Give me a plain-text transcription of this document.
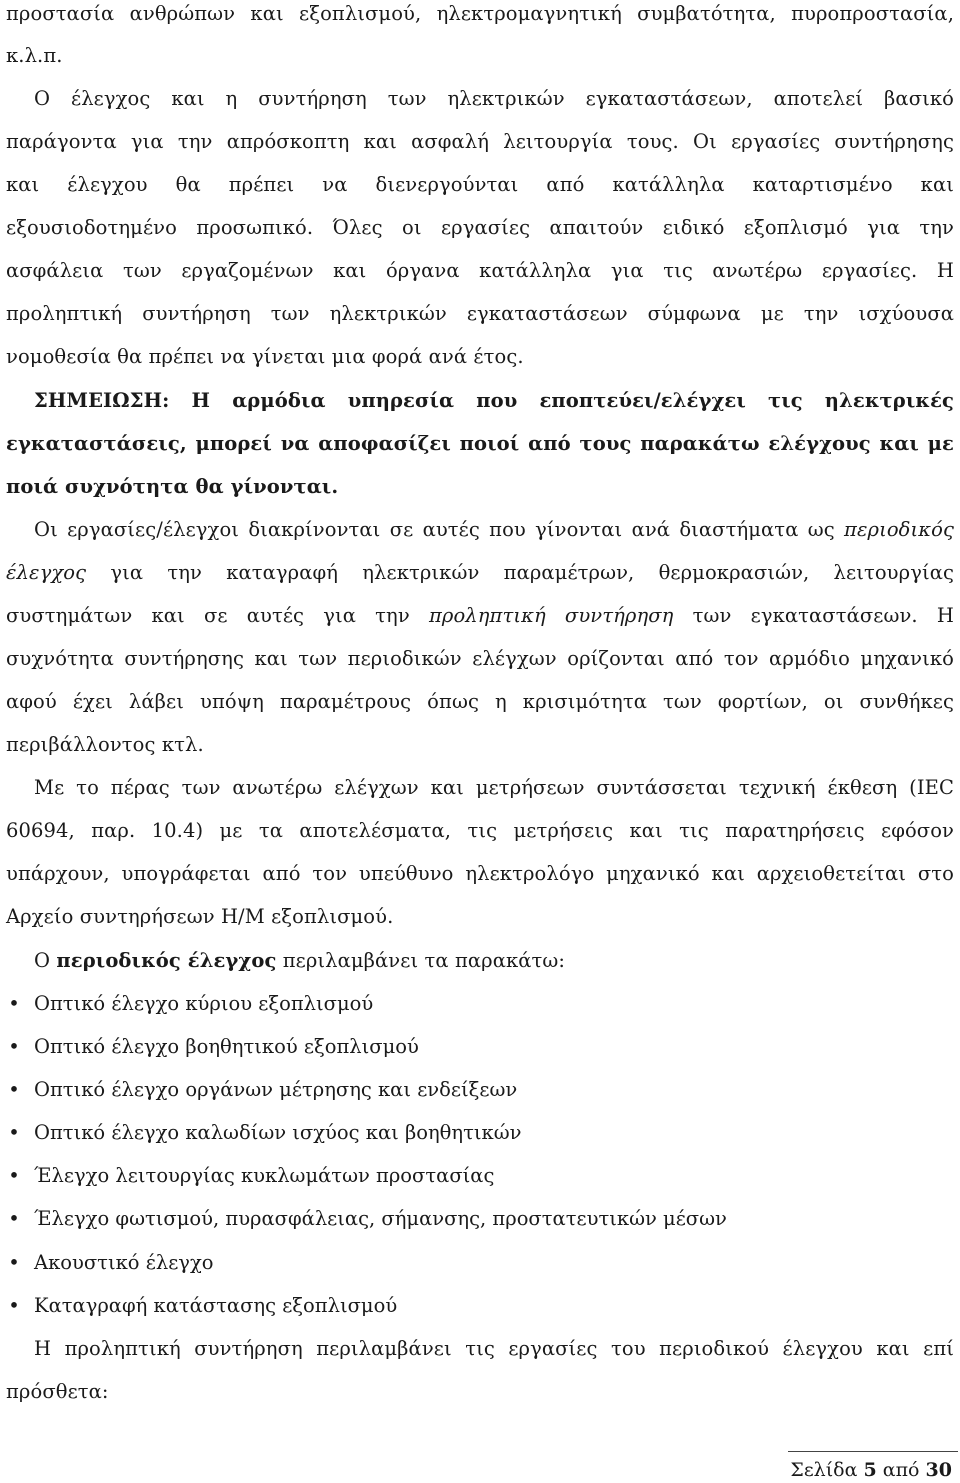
προστασία ανθρώπων και εξοπλισμού, ηλεκτρομαγνητική συμβατότητα, πυροπροστασία,
κ.λ.π.
Ο έλεγχος και η συντήρηση των ηλεκτρικών εγκαταστάσεων, αποτελεί βασικό
παράγοντα για την απρόσκοπτη και ασφαλή λειτουργία τους. Οι εργασίες συντήρησης
και έλεγχου θα πρέπει να διενεργούνται από κατάλληλα καταρτισμένο και
εξουσιοδοτημένο προσωπικό. Όλες οι εργασίες απαιτούν ειδικό εξοπλισμό για την
ασφάλεια των εργαζομένων και όργανα κατάλληλα για τις ανωτέρω εργασίες. Η
προληπτική συντήρηση των ηλεκτρικών εγκαταστάσεων σύμφωνα με την ισχύουσα
νομοθεσία θα πρέπει να γίνεται μια φορά ανά έτος.
ΣΗΜΕΙΩΣΗ: Η αρμόδια υπηρεσία που εποπτεύει/ελέγχει τις ηλεκτρικές
εγκαταστάσεις, μπορεί να αποφασίζει ποιοί από τους παρακάτω ελέγχους και με
ποιά συχνότητα θα γίνονται.
Οι εργασίες/έλεγχοι διακρίνονται σε αυτές που γίνονται ανά διαστήματα ως περιοδικός
έλεγχος για την καταγραφή ηλεκτρικών παραμέτρων, θερμοκρασιών, λειτουργίας
συστημάτων και σε αυτές για την προληπτική συντήρηση των εγκαταστάσεων. Η
συχνότητα συντήρησης και των περιοδικών ελέγχων ορίζονται από τον αρμόδιο μηχανικό
αφού έχει λάβει υπόψη παραμέτρους όπως η κρισιμότητα των φορτίων, οι συνθήκες
περιβάλλοντος κτλ.
Με το πέρας των ανωτέρω ελέγχων και μετρήσεων συντάσσεται τεχνική έκθεση (IEC
60694, παρ. 10.4) με τα αποτελέσματα, τις μετρήσεις και τις παρατηρήσεις εφόσον
υπάρχουν, υπογράφεται από τον υπεύθυνο ηλεκτρολόγο μηχανικό και αρχειοθετείται στο
Αρχείο συντηρήσεων Η/Μ εξοπλισμού.
Ο περιοδικός έλεγχος περιλαμβάνει τα παρακάτω:
• Οπτικό έλεγχο κύριου εξοπλισμού
• Οπτικό έλεγχο βοηθητικού εξοπλισμού
• Οπτικό έλεγχο οργάνων μέτρησης και ενδείξεων
• Οπτικό έλεγχο καλωδίων ισχύος και βοηθητικών
• Έλεγχο λειτουργίας κυκλωμάτων προστασίας
• Έλεγχο φωτισμού, πυρασφάλειας, σήμανσης, προστατευτικών μέσων
• Ακουστικό έλεγχο
• Καταγραφή κατάστασης εξοπλισμού
Η προληπτική συντήρηση περιλαμβάνει τις εργασίες του περιοδικού έλεγχου και επί
πρόσθετα:
Σελίδα 5 από 30
